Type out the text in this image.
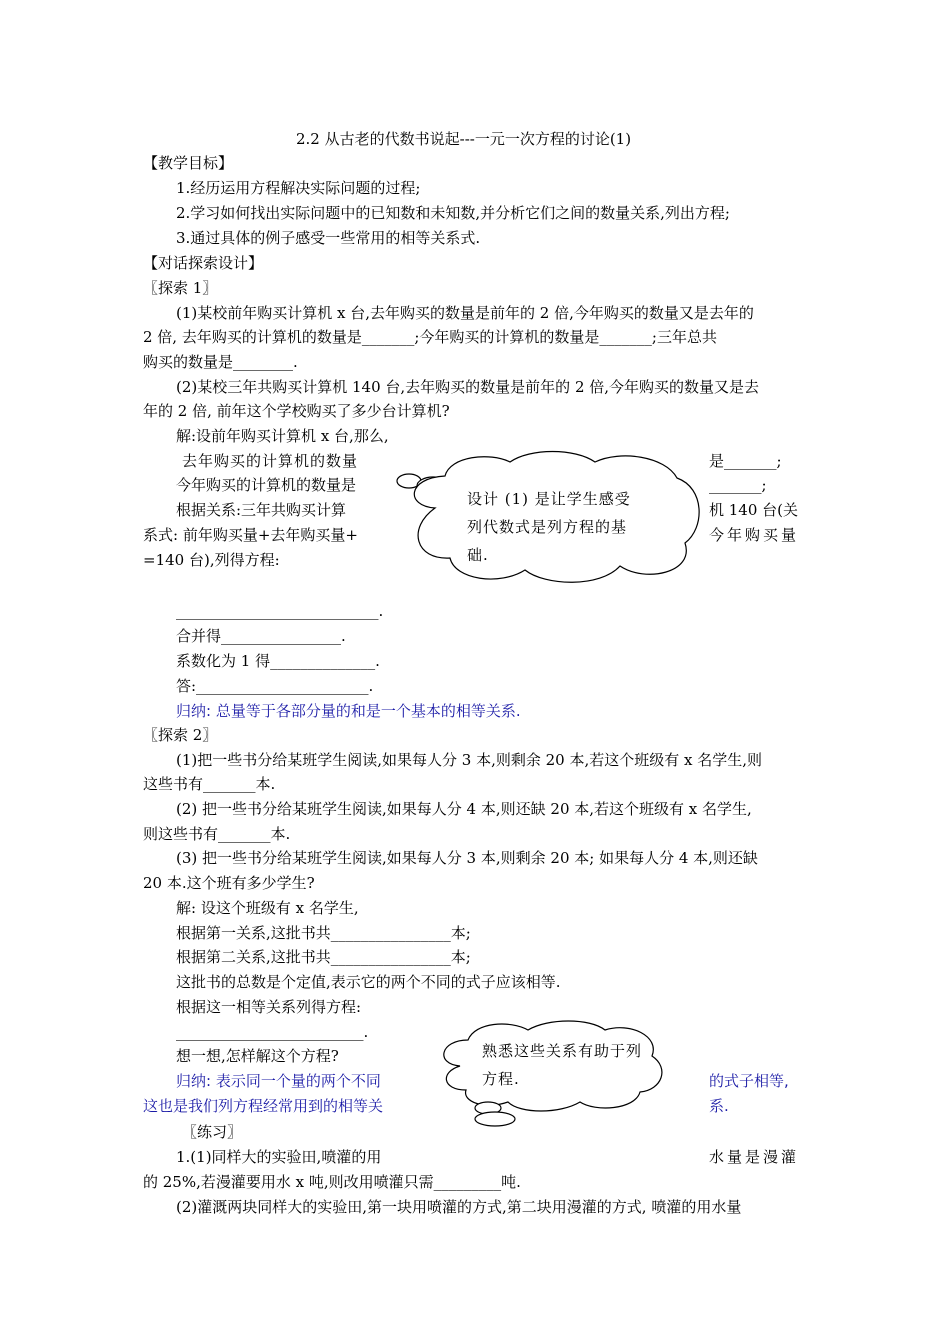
2.2 从古老的代数书说起---一元一次方程的讨论(1)
【教学目标】
1.经历运用方程解决实际问题的过程;
2.学习如何找出实际问题中的已知数和未知数,并分析它们之间的数量关系,列出方程;
3.通过具体的例子感受一些常用的相等关系式.
【对话探索设计】
〖探索 1〗
(1)某校前年购买计算机 x 台,去年购买的数量是前年的 2 倍,今年购买的数量又是去年的
2 倍, 去年购买的计算机的数量是_______;今年购买的计算机的数量是_______;三年总共
购买的数量是________.
(2)某校三年共购买计算机 140 台,去年购买的数量是前年的 2 倍,今年购买的数量又是去
年的 2 倍, 前年这个学校购买了多少台计算机?
解:设前年购买计算机 x 台,那么,
去年购买的计算机的数量	是_______;
今年购买的计算机的数量是	_______;
根据关系:三年共购买计算	机 140 台(关
系式: 前年购买量+去年购买量+	今年购买量
=140 台),列得方程:
设计 (1) 是让学生感受列代数式是列方程的基础.
___________________________.
合并得________________.
系数化为 1 得______________.
答:_______________________.
归纳: 总量等于各部分量的和是一个基本的相等关系.
〖探索 2〗
(1)把一些书分给某班学生阅读,如果每人分 3 本,则剩余 20 本,若这个班级有 x 名学生,则
这些书有_______本.
(2) 把一些书分给某班学生阅读,如果每人分 4 本,则还缺 20 本,若这个班级有 x 名学生,
则这些书有_______本.
(3) 把一些书分给某班学生阅读,如果每人分 3 本,则剩余 20 本; 如果每人分 4 本,则还缺
20 本.这个班有多少学生?
解: 设这个班级有 x 名学生,
根据第一关系,这批书共________________本;
根据第二关系,这批书共________________本;
这批书的总数是个定值,表示它的两个不同的式子应该相等.
根据这一相等关系列得方程:
_________________________.
想一想,怎样解这个方程?
归纳: 表示同一个量的两个不同	的式子相等,
这也是我们列方程经常用到的相等关	系.
熟悉这些关系有助于列方程.
〖练习〗
1.(1)同样大的实验田,喷灌的用	水量是漫灌
的 25%,若漫灌要用水 x 吨,则改用喷灌只需_________吨.
(2)灌溉两块同样大的实验田,第一块用喷灌的方式,第二块用漫灌的方式, 喷灌的用水量
